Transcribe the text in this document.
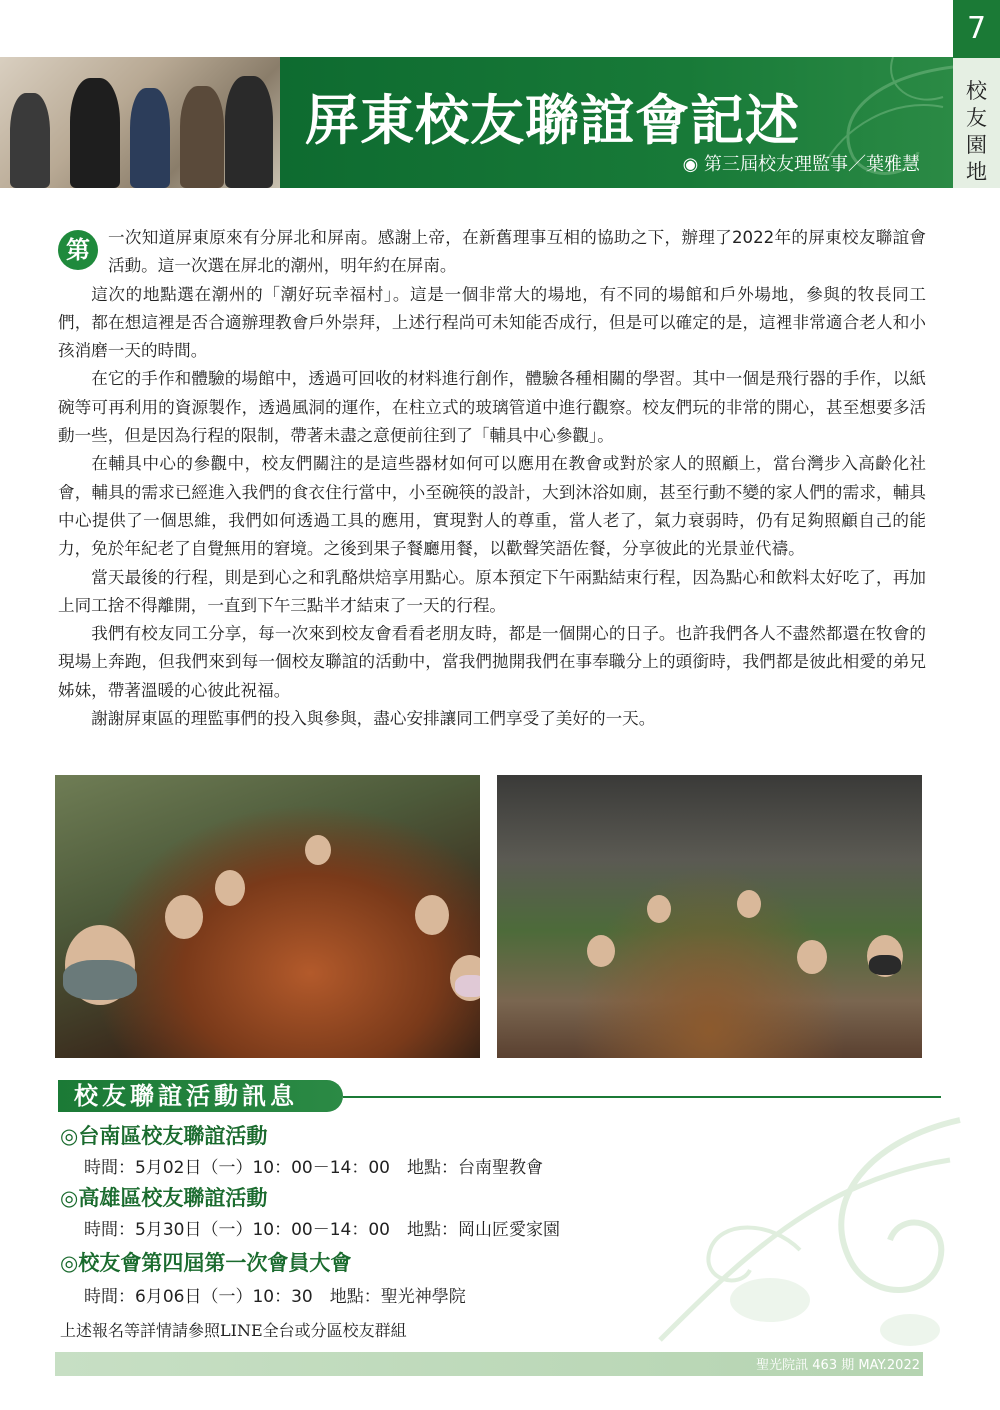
屏東校友聯誼會記述
◉ 第三屆校友理監事／葉雅慧
7
校
友
園
地

第	一次知道屏東原來有分屏北和屏南。感謝上帝，在新舊理事互相的協助之下，辦理了2022年的屏東校友聯誼會活動。這一次選在屏北的潮州，明年約在屏南。

這次的地點選在潮州的「潮好玩幸福村」。這是一個非常大的場地，有不同的場館和戶外場地，參與的牧長同工們，都在想這裡是否合適辦理教會戶外崇拜，上述行程尚可未知能否成行，但是可以確定的是，這裡非常適合老人和小孩消磨一天的時間。

在它的手作和體驗的場館中，透過可回收的材料進行創作，體驗各種相關的學習。其中一個是飛行器的手作，以紙碗等可再利用的資源製作，透過風洞的運作，在柱立式的玻璃管道中進行觀察。校友們玩的非常的開心，甚至想要多活動一些，但是因為行程的限制，帶著未盡之意便前往到了「輔具中心參觀」。

在輔具中心的參觀中，校友們關注的是這些器材如何可以應用在教會或對於家人的照顧上，當台灣步入高齡化社會，輔具的需求已經進入我們的食衣住行當中，小至碗筷的設計，大到沐浴如廁，甚至行動不變的家人們的需求，輔具中心提供了一個思維，我們如何透過工具的應用，實現對人的尊重，當人老了，氣力衰弱時，仍有足夠照顧自己的能力，免於年紀老了自覺無用的窘境。之後到果子餐廳用餐，以歡聲笑語佐餐，分享彼此的光景並代禱。

當天最後的行程，則是到心之和乳酪烘焙享用點心。原本預定下午兩點結束行程，因為點心和飲料太好吃了，再加上同工捨不得離開，一直到下午三點半才結束了一天的行程。

我們有校友同工分享，每一次來到校友會看看老朋友時，都是一個開心的日子。也許我們各人不盡然都還在牧會的現場上奔跑，但我們來到每一個校友聯誼的活動中，當我們拋開我們在事奉職分上的頭銜時，我們都是彼此相愛的弟兄姊妹，帶著溫暖的心彼此祝福。

謝謝屏東區的理監事們的投入與參與，盡心安排讓同工們享受了美好的一天。

校友聯誼活動訊息
◎台南區校友聯誼活動
時間：5月02日（一）10：00－14：00　地點：台南聖教會
◎高雄區校友聯誼活動
時間：5月30日（一）10：00－14：00　地點：岡山匠愛家園
◎校友會第四屆第一次會員大會
時間：6月06日（一）10：30　地點：聖光神學院
上述報名等詳情請參照LINE全台或分區校友群組
聖光院訊 463 期 MAY.2022
